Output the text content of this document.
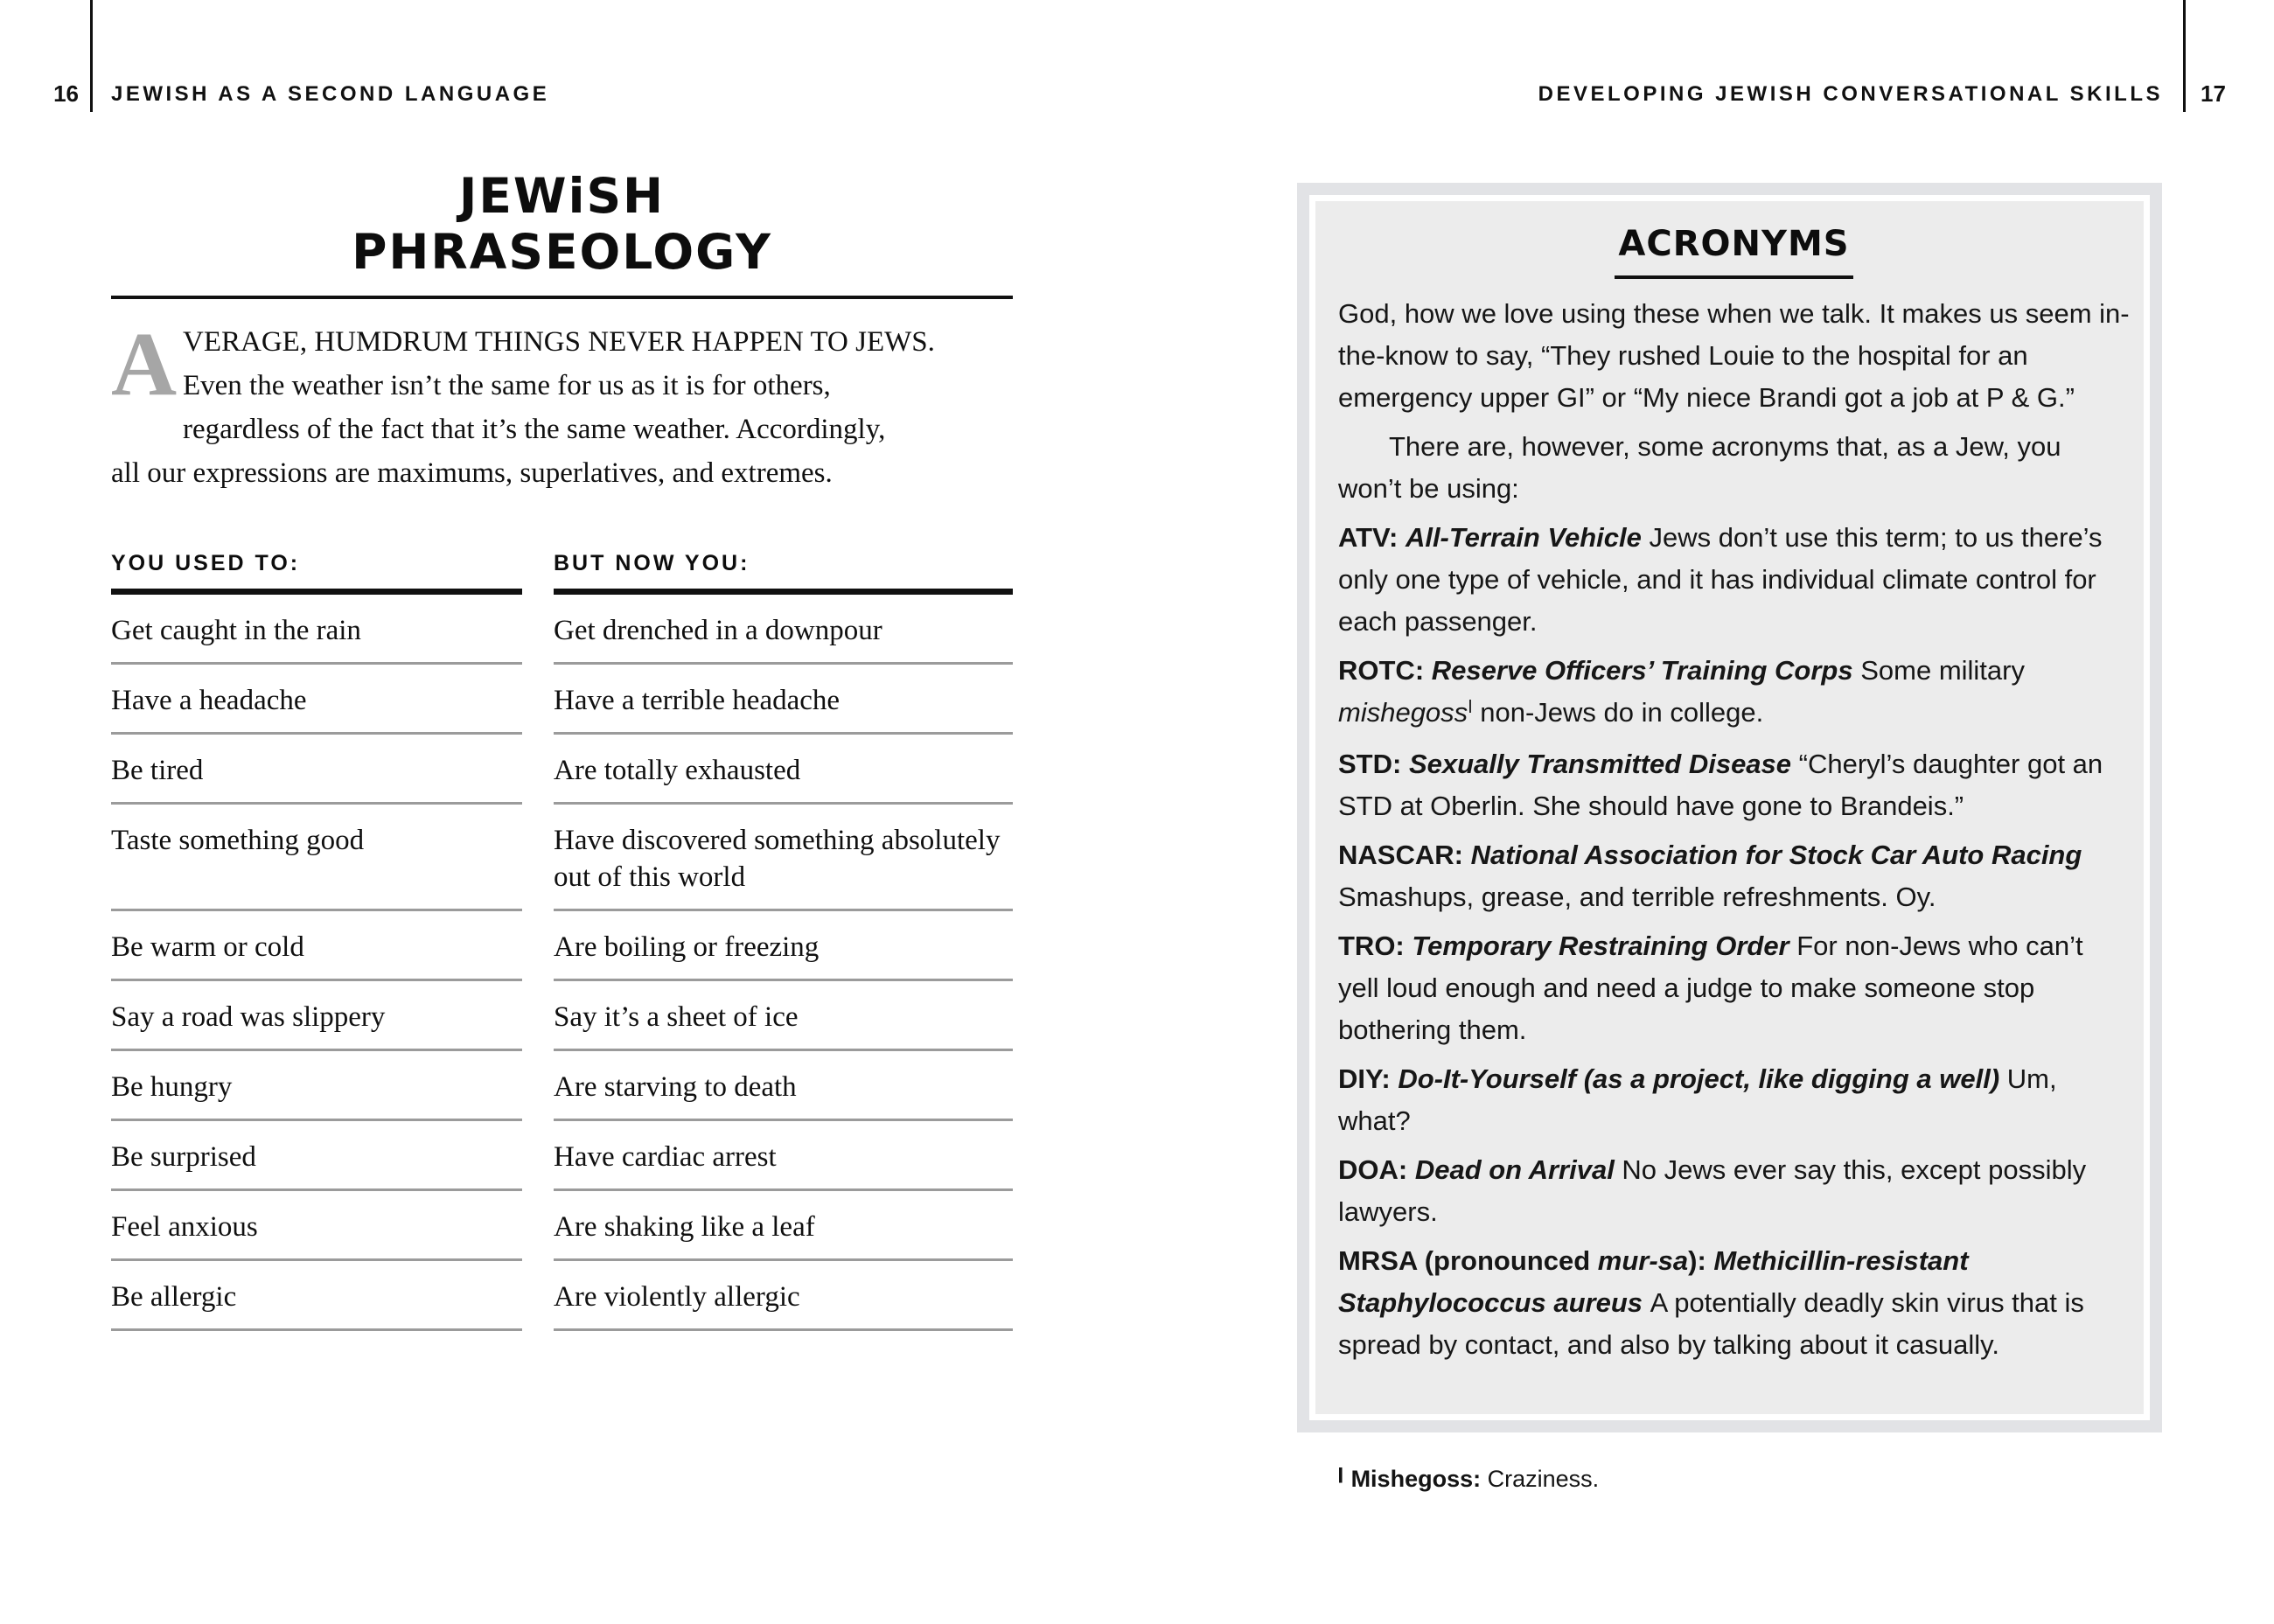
16 JEWISH AS A SECOND LANGUAGE	DEVELOPING JEWISH CONVERSATIONAL SKILLS 17
JEWiSH
PHRASEOLOGY
A VERAGE, HUMDRUM THINGS NEVER HAPPEN TO JEWS.
Even the weather isn’t the same for us as it is for others,
regardless of the fact that it’s the same weather. Accordingly,
all our expressions are maximums, superlatives, and extremes.
YOU USED TO:	BUT NOW YOU:
Get caught in the rain	Get drenched in a downpour
Have a headache	Have a terrible headache
Be tired	Are totally exhausted
Taste something good	Have discovered something absolutely out of this world
Be warm or cold	Are boiling or freezing
Say a road was slippery	Say it’s a sheet of ice
Be hungry	Are starving to death
Be surprised	Have cardiac arrest
Feel anxious	Are shaking like a leaf
Be allergic	Are violently allergic
ACRONYMS

God, how we love using these when we talk. It makes us seem in-the-know to say, “They rushed Louie to the hospital for an emergency upper GI” or “My niece Brandi got a job at P & G.”

There are, however, some acronyms that, as a Jew, you won’t be using:

ATV: All-Terrain Vehicle Jews don’t use this term; to us there’s only one type of vehicle, and it has individual climate control for each passenger.

ROTC: Reserve Officers’ Training Corps Some military mishegoss$^ן$ non-Jews do in college.

STD: Sexually Transmitted Disease “Cheryl’s daughter got an STD at Oberlin. She should have gone to Brandeis.”

NASCAR: National Association for Stock Car Auto Racing Smashups, grease, and terrible refreshments. Oy.

TRO: Temporary Restraining Order For non-Jews who can’t yell loud enough and need a judge to make someone stop bothering them.

DIY: Do-It-Yourself (as a project, like digging a well) Um, what?

DOA: Dead on Arrival No Jews ever say this, except possibly lawyers.

MRSA (pronounced mur-sa): Methicillin-resistant Staphylococcus aureus A potentially deadly skin virus that is spread by contact, and also by talking about it casually.

$^ן$ Mishegoss: Craziness.
